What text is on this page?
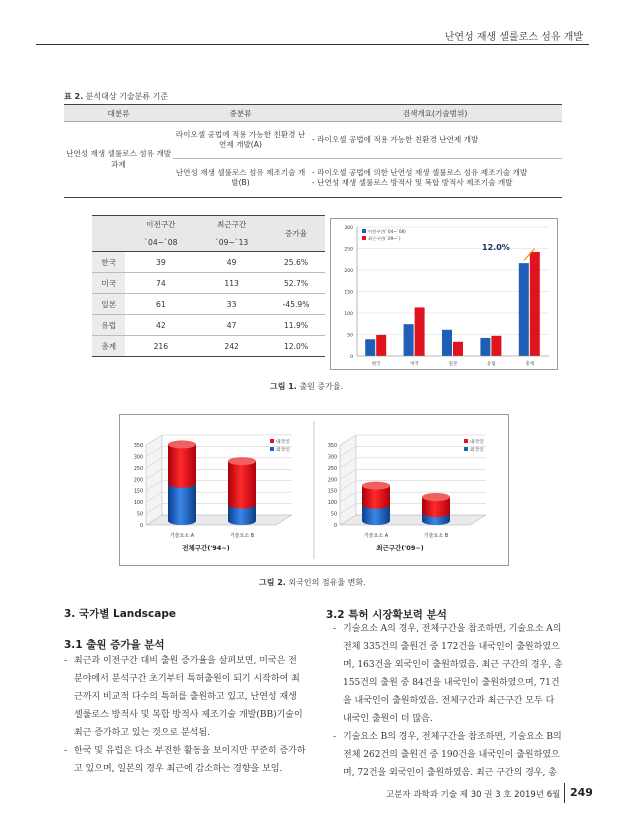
난연성 재생 셀룰로스 섬유 개발
표 2. 분석대상 기술분류 기준
대분류	중분류	검색개요(기술범위)
난연성 재생 셀룰로스 섬유 개발과제	라이오셀 공법에 적용 가능한 친환경 난연제 개발(A)	- 라이오셀 공법에 적용 가능한 친환경 난연제 개발

	난연성 재생 셀룰로스 섬유 제조기술 개발(B)	- 라이오셀 공법에 의한 난연성 재생 셀룰로스 섬유 제조기술 개발
- 난연성 재생 셀룰로스 방적사 및 복합 방적사 제조기술 개발
	이전구간	최근구간	증가율
	`04~`08	`09~`13	
한국	39	49	25.6%
미국	74	113	52.7%
일본	61	33	-45.9%
유럽	42	47	11.9%
총계	216	242	12.0%
0
50
100
150
200
250
300
한국	미국	일본	유럽	총계
이전구간(`04~`08)
최근구간(`09~`)
12.0%
그림 1. 출원 증가율.
0
50
100
150
200
250
300
350
기술요소 A	기술요소 B
전체구간('94~)
내국인
외국인
0
50
100
150
200
250
300
350
기술요소 A	기술요소 B
최근구간('09~)
내국인
외국인
그림 2. 외국인의 점유율 변화.
3. 국가별 Landscape
3.1 출원 증가율 분석
- 최근과 이전구간 대비 출원 증가율을 살펴보면, 미국은 전 분야에서 분석구간 초기부터 특허출원이 되기 시작하여 최근까지 비교적 다수의 특허를 출원하고 있고, 난연성 재생 셀룰로스 방적사 및 복합 방적사 제조기술 개발(BB)기술이 최근 증가하고 있는 것으로 분석됨.
- 한국 및 유럽은 다소 부진한 활동을 보이지만 꾸준히 증가하고 있으며, 일본의 경우 최근에 감소하는 경향을 보임.
3.2 특허 시장확보력 분석
- 기술요소 A의 경우, 전체구간을 참조하면, 기술요소 A의 전체 335건의 출원건 중 172건을 내국인이 출원하였으며, 163건을 외국인이 출원하였음. 최근 구간의 경우, 총 155건의 출원 중 84건을 내국인이 출원하였으며, 71건을 내국인이 출원하였음. 전체구간과 최근구간 모두 다 내국인 출원이 더 많음.
- 기술요소 B의 경우, 전체구간을 참조하면, 기술요소 B의 전체 262건의 출원건 중 190건을 내국인이 출원하였으며, 72건을 외국인이 출원하였음. 최근 구간의 경우, 총
고분자 과학과 기술 제 30 권 3 호 2019년 6월 249
